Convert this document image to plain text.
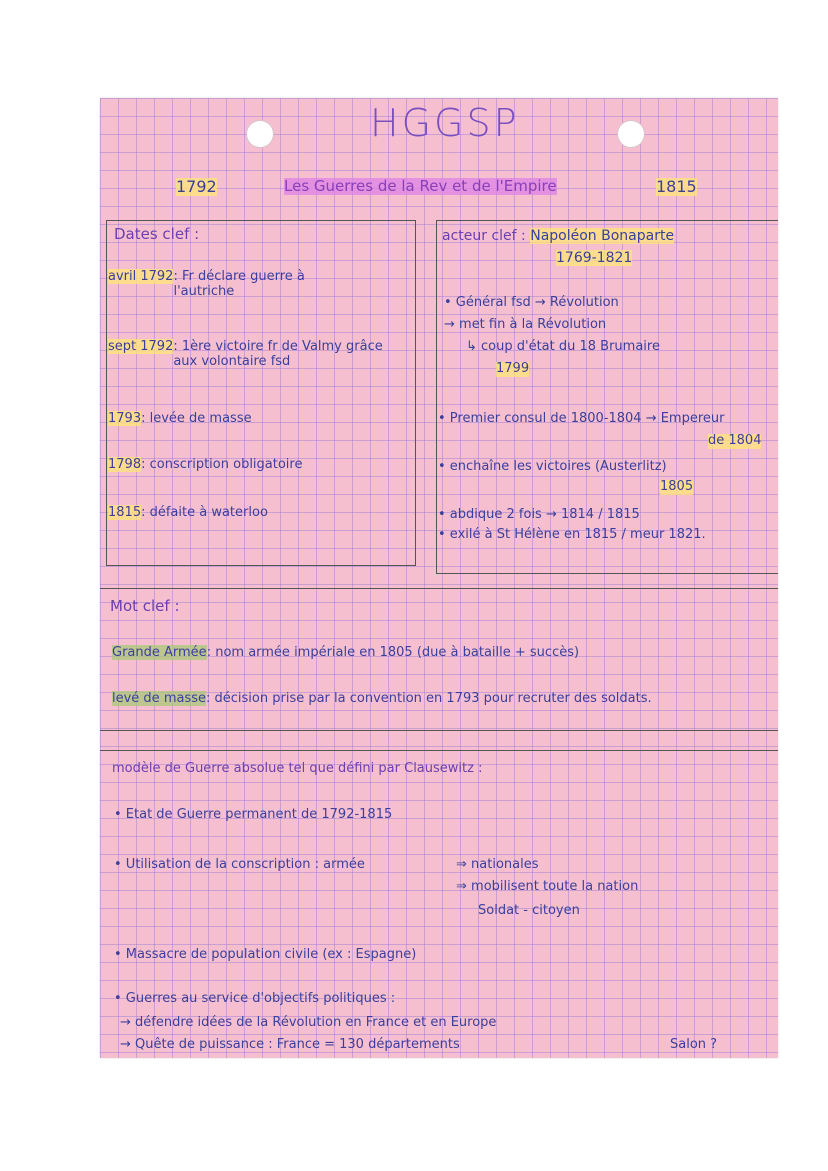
HGGSP
1792	Les Guerres de la Rev et de l'Empire	1815
Dates clef :
avril 1792: Fr déclare guerre à l'autriche
sept 1792: 1ère victoire fr de Valmy grâce aux volontaire fsd
1793: levée de masse
1798: conscription obligatoire
1815: défaite à waterloo
acteur clef : Napoléon Bonaparte
1769-1821
• Général fsd → Révolution
→ met fin à la Révolution
↳ coup d'état du 18 Brumaire
1799
• Premier consul de 1800-1804 → Empereur
de 1804
• enchaîne les victoires (Austerlitz)
1805
• abdique 2 fois → 1814 / 1815
• exilé à St Hélène en 1815 / meur 1821.
Mot clef :
Grande Armée: nom armée impériale en 1805 (due à bataille + succès)
levé de masse: décision prise par la convention en 1793 pour recruter des soldats.
modèle de Guerre absolue tel que défini par Clausewitz :
• Etat de Guerre permanent de 1792-1815
• Utilisation de la conscription : armée	⇒ nationales
⇒ mobilisent toute la nation
Soldat - citoyen
• Massacre de population civile (ex : Espagne)
• Guerres au service d'objectifs politiques :
→ défendre idées de la Révolution en France et en Europe
→ Quête de puissance : France = 130 départements	Salon ?
